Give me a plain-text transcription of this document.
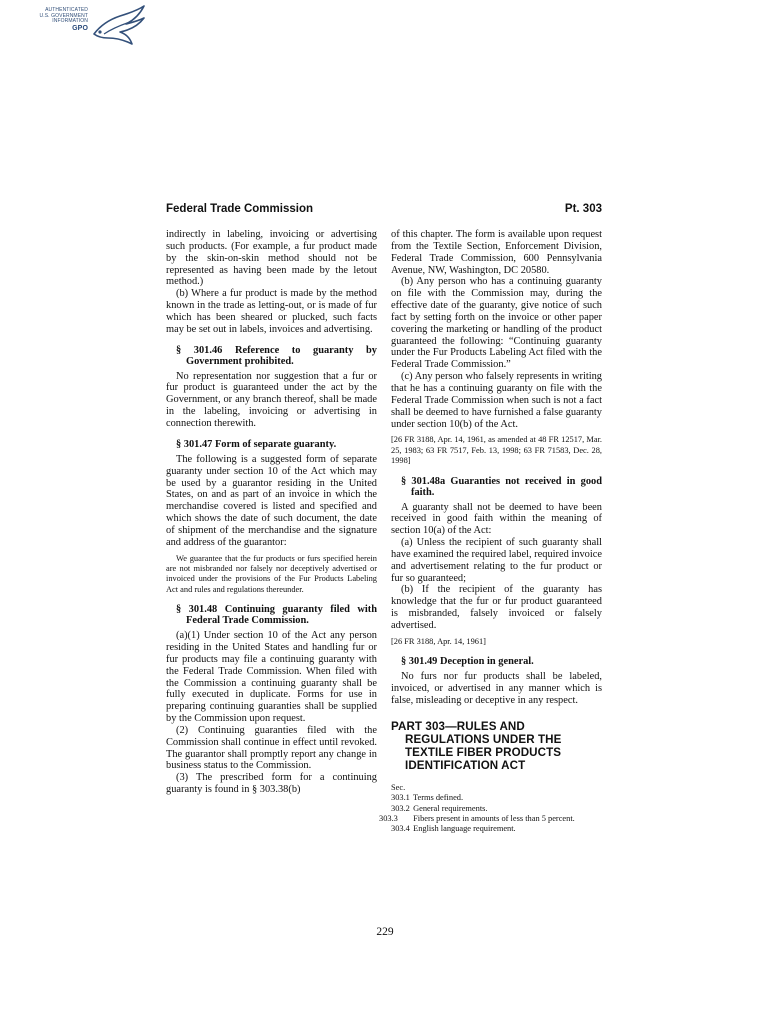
AUTHENTICATED
U.S. GOVERNMENT
INFORMATION
GPO
Federal Trade Commission	Pt. 303

indirectly in labeling, invoicing or advertising such products. (For example, a fur product made by the skin-on-skin method should not be represented as having been made by the letout method.)

(b) Where a fur product is made by the method known in the trade as letting-out, or is made of fur which has been sheared or plucked, such facts may be set out in labels, invoices and advertising.

§ 301.46 Reference to guaranty by Government prohibited.

No representation nor suggestion that a fur or fur product is guaranteed under the act by the Government, or any branch thereof, shall be made in the labeling, invoicing or advertising in connection therewith.

§ 301.47 Form of separate guaranty.

The following is a suggested form of separate guaranty under section 10 of the Act which may be used by a guarantor residing in the United States, on and as part of an invoice in which the merchandise covered is listed and specified and which shows the date of such document, the date of shipment of the merchandise and the signature and address of the guarantor:

We guarantee that the fur products or furs specified herein are not misbranded nor falsely nor deceptively advertised or invoiced under the provisions of the Fur Products Labeling Act and rules and regulations thereunder.

§ 301.48 Continuing guaranty filed with Federal Trade Commission.

(a)(1) Under section 10 of the Act any person residing in the United States and handling fur or fur products may file a continuing guaranty with the Federal Trade Commission. When filed with the Commission a continuing guaranty shall be fully executed in duplicate. Forms for use in preparing continuing guaranties shall be supplied by the Commission upon request.

(2) Continuing guaranties filed with the Commission shall continue in effect until revoked. The guarantor shall promptly report any change in business status to the Commission.

(3) The prescribed form for a continuing guaranty is found in § 303.38(b)

of this chapter. The form is available upon request from the Textile Section, Enforcement Division, Federal Trade Commission, 600 Pennsylvania Avenue, NW, Washington, DC 20580.

(b) Any person who has a continuing guaranty on file with the Commission may, during the effective date of the guaranty, give notice of such fact by setting forth on the invoice or other paper covering the marketing or handling of the product guaranteed the following: “Continuing guaranty under the Fur Products Labeling Act filed with the Federal Trade Commission.”

(c) Any person who falsely represents in writing that he has a continuing guaranty on file with the Federal Trade Commission when such is not a fact shall be deemed to have furnished a false guaranty under section 10(b) of the Act.

[26 FR 3188, Apr. 14, 1961, as amended at 48 FR 12517, Mar. 25, 1983; 63 FR 7517, Feb. 13, 1998; 63 FR 71583, Dec. 28, 1998]

§ 301.48a Guaranties not received in good faith.

A guaranty shall not be deemed to have been received in good faith within the meaning of section 10(a) of the Act:

(a) Unless the recipient of such guaranty shall have examined the required label, required invoice and advertisement relating to the fur product or fur so guaranteed;

(b) If the recipient of the guaranty has knowledge that the fur or fur product guaranteed is misbranded, falsely invoiced or falsely advertised.

[26 FR 3188, Apr. 14, 1961]

§ 301.49 Deception in general.

No furs nor fur products shall be labeled, invoiced, or advertised in any manner which is false, misleading or deceptive in any respect.

PART 303—RULES AND REGULATIONS UNDER THE TEXTILE FIBER PRODUCTS IDENTIFICATION ACT

Sec.

303.1 Terms defined.

303.2 General requirements.

303.3 Fibers present in amounts of less than 5 percent.

303.4 English language requirement.

229
